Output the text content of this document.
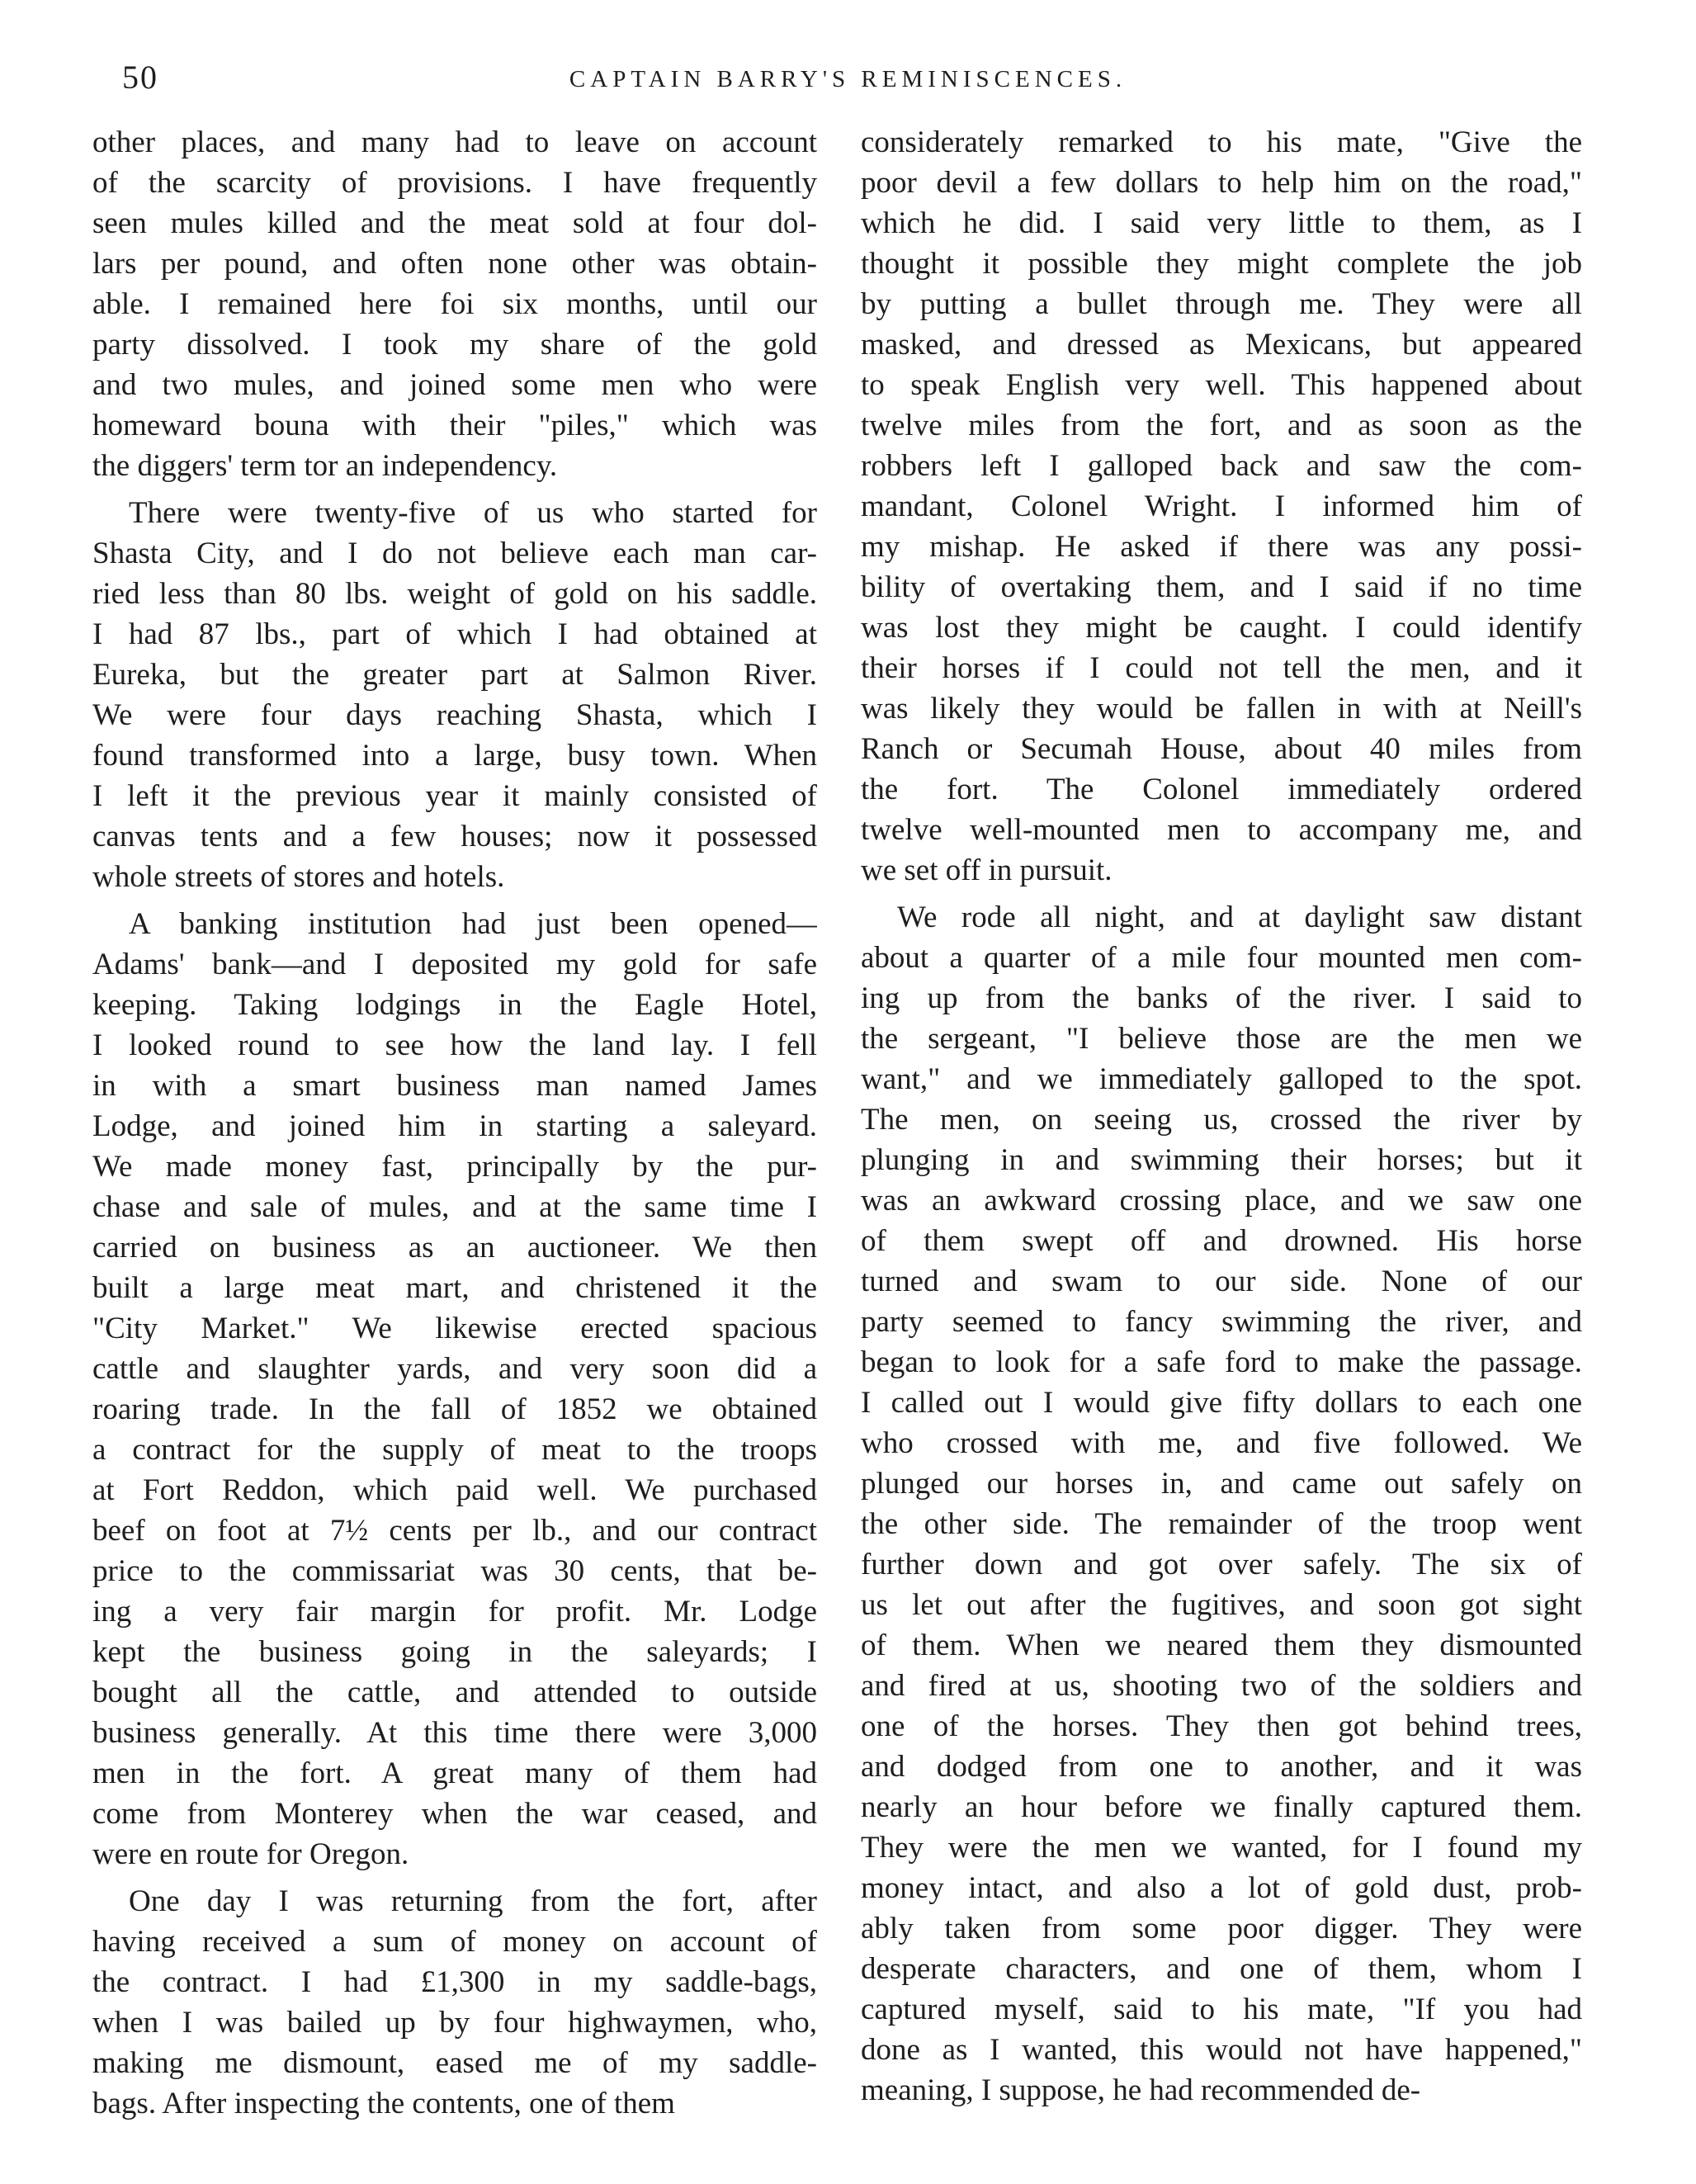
50	CAPTAIN BARRY'S REMINISCENCES.
other places, and many had to leave on account
of the scarcity of provisions. I have frequently
seen mules killed and the meat sold at four dol-
lars per pound, and often none other was obtain-
able. I remained here foi six months, until our
party dissolved. I took my share of the gold
and two mules, and joined some men who were
homeward bouna with their "piles," which was
the diggers' term tor an independency.
There were twenty-five of us who started for
Shasta City, and I do not believe each man car-
ried less than 80 lbs. weight of gold on his saddle.
I had 87 lbs., part of which I had obtained at
Eureka, but the greater part at Salmon River.
We were four days reaching Shasta, which I
found transformed into a large, busy town. When
I left it the previous year it mainly consisted of
canvas tents and a few houses; now it possessed
whole streets of stores and hotels.
A banking institution had just been opened—
Adams' bank—and I deposited my gold for safe
keeping. Taking lodgings in the Eagle Hotel,
I looked round to see how the land lay. I fell
in with a smart business man named James
Lodge, and joined him in starting a saleyard.
We made money fast, principally by the pur-
chase and sale of mules, and at the same time I
carried on business as an auctioneer. We then
built a large meat mart, and christened it the
"City Market." We likewise erected spacious
cattle and slaughter yards, and very soon did a
roaring trade. In the fall of 1852 we obtained
a contract for the supply of meat to the troops
at Fort Reddon, which paid well. We purchased
beef on foot at 7½ cents per lb., and our contract
price to the commissariat was 30 cents, that be-
ing a very fair margin for profit. Mr. Lodge
kept the business going in the saleyards; I
bought all the cattle, and attended to outside
business generally. At this time there were 3,000
men in the fort. A great many of them had
come from Monterey when the war ceased, and
were en route for Oregon.
One day I was returning from the fort, after
having received a sum of money on account of
the contract. I had £1,300 in my saddle-bags,
when I was bailed up by four highwaymen, who,
making me dismount, eased me of my saddle-
bags. After inspecting the contents, one of them
considerately remarked to his mate, "Give the
poor devil a few dollars to help him on the road,"
which he did. I said very little to them, as I
thought it possible they might complete the job
by putting a bullet through me. They were all
masked, and dressed as Mexicans, but appeared
to speak English very well. This happened about
twelve miles from the fort, and as soon as the
robbers left I galloped back and saw the com-
mandant, Colonel Wright. I informed him of
my mishap. He asked if there was any possi-
bility of overtaking them, and I said if no time
was lost they might be caught. I could identify
their horses if I could not tell the men, and it
was likely they would be fallen in with at Neill's
Ranch or Secumah House, about 40 miles from
the fort. The Colonel immediately ordered
twelve well-mounted men to accompany me, and
we set off in pursuit.
We rode all night, and at daylight saw distant
about a quarter of a mile four mounted men com-
ing up from the banks of the river. I said to
the sergeant, "I believe those are the men we
want," and we immediately galloped to the spot.
The men, on seeing us, crossed the river by
plunging in and swimming their horses; but it
was an awkward crossing place, and we saw one
of them swept off and drowned. His horse
turned and swam to our side. None of our
party seemed to fancy swimming the river, and
began to look for a safe ford to make the passage.
I called out I would give fifty dollars to each one
who crossed with me, and five followed. We
plunged our horses in, and came out safely on
the other side. The remainder of the troop went
further down and got over safely. The six of
us let out after the fugitives, and soon got sight
of them. When we neared them they dismounted
and fired at us, shooting two of the soldiers and
one of the horses. They then got behind trees,
and dodged from one to another, and it was
nearly an hour before we finally captured them.
They were the men we wanted, for I found my
money intact, and also a lot of gold dust, prob-
ably taken from some poor digger. They were
desperate characters, and one of them, whom I
captured myself, said to his mate, "If you had
done as I wanted, this would not have happened,"
meaning, I suppose, he had recommended de-
